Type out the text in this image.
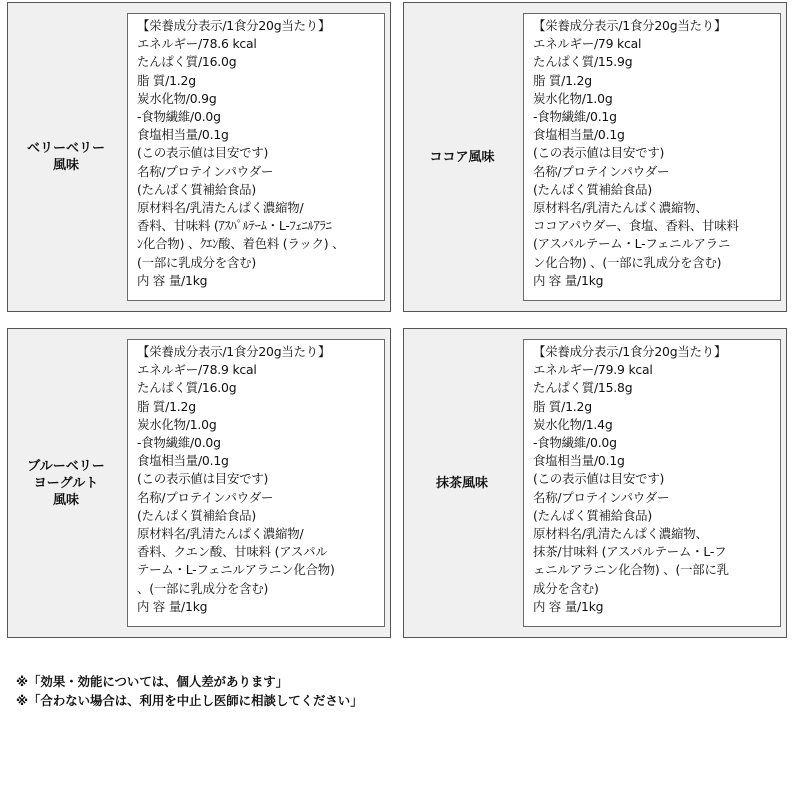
ベリーベリー
風味
【栄養成分表示/1食分20g当たり】
エネルギー/78.6 kcal
たんぱく質/16.0g
脂 質/1.2g
炭水化物/0.9g
-食物繊維/0.0g
食塩相当量/0.1g
(この表示値は目安です)
名称/プロテインパウダー
(たんぱく質補給食品)
原材料名/乳清たんぱく濃縮物/
香料、甘味料 (ｱｽﾊﾟﾙﾃｰﾑ・L-ﾌｪﾆﾙｱﾗﾆ
ﾝ化合物) 、ｸｴﾝ酸、着色料 (ラック) 、
(一部に乳成分を含む)
内 容 量/1kg
ココア風味
【栄養成分表示/1食分20g当たり】
エネルギー/79 kcal
たんぱく質/15.9g
脂 質/1.2g
炭水化物/1.0g
-食物繊維/0.1g
食塩相当量/0.1g
(この表示値は目安です)
名称/プロテインパウダー
(たんぱく質補給食品)
原材料名/乳清たんぱく濃縮物、
ココアパウダー、食塩、香料、甘味料
(アスパルテーム・L-フェニルアラニ
ン化合物) 、(一部に乳成分を含む)
内 容 量/1kg
ブルーベリー
ヨーグルト
風味
【栄養成分表示/1食分20g当たり】
エネルギー/78.9 kcal
たんぱく質/16.0g
脂 質/1.2g
炭水化物/1.0g
-食物繊維/0.0g
食塩相当量/0.1g
(この表示値は目安です)
名称/プロテインパウダー
(たんぱく質補給食品)
原材料名/乳清たんぱく濃縮物/
香料、クエン酸、甘味料 (アスパル
テーム・L-フェニルアラニン化合物)
、(一部に乳成分を含む)
内 容 量/1kg
抹茶風味
【栄養成分表示/1食分20g当たり】
エネルギー/79.9 kcal
たんぱく質/15.8g
脂 質/1.2g
炭水化物/1.4g
-食物繊維/0.0g
食塩相当量/0.1g
(この表示値は目安です)
名称/プロテインパウダー
(たんぱく質補給食品)
原材料名/乳清たんぱく濃縮物、
抹茶/甘味料 (アスパルテーム・L-フ
ェニルアラニン化合物) 、(一部に乳
成分を含む)
内 容 量/1kg
※「効果・効能については、個人差があります」
※「合わない場合は、利用を中止し医師に相談してください」
